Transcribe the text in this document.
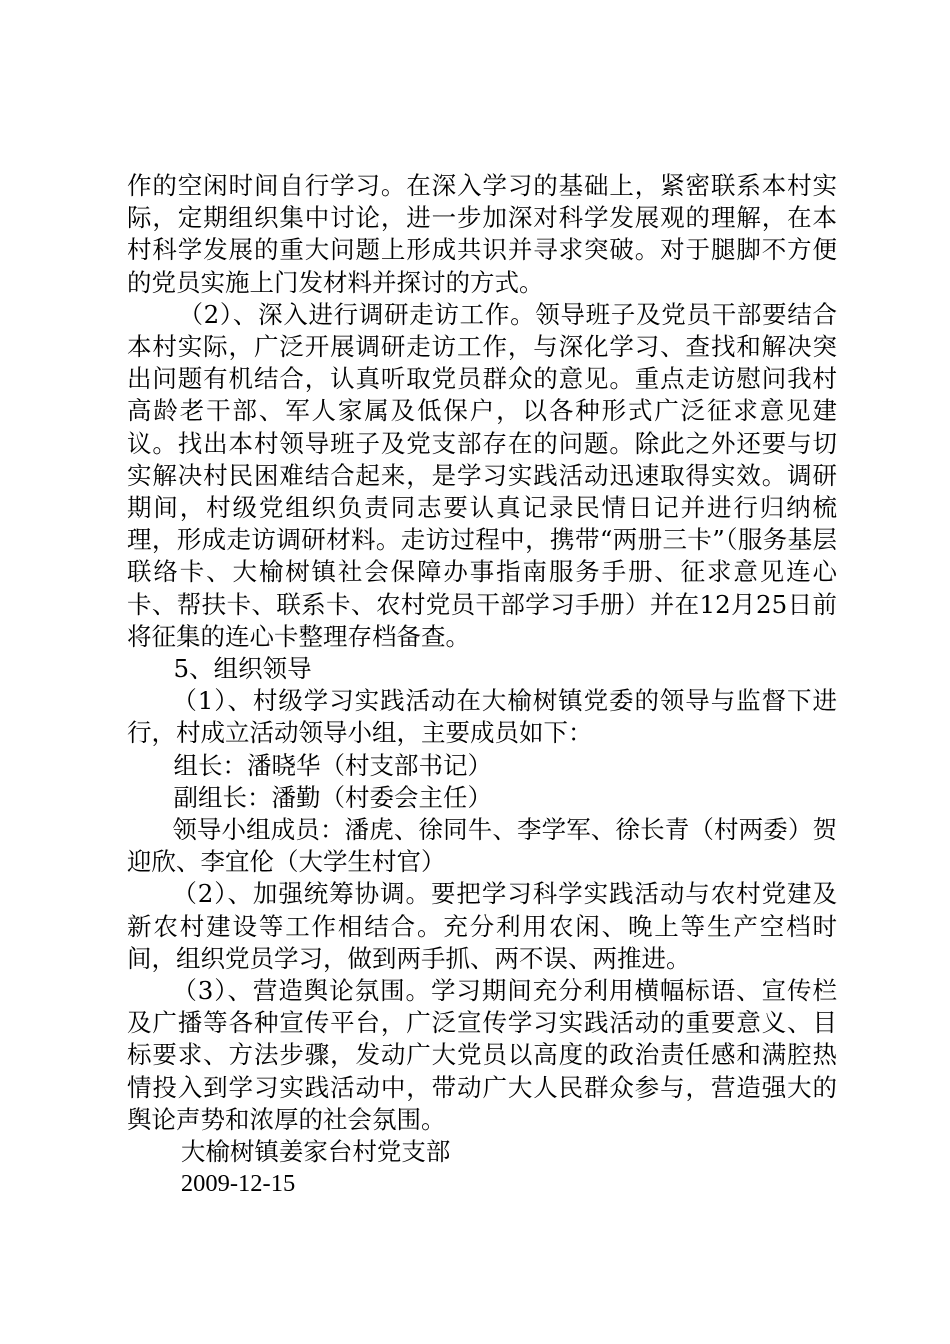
作的空闲时间自行学习。在深入学习的基础上，紧密联系本村实际，定期组织集中讨论，进一步加深对科学发展观的理解，在本村科学发展的重大问题上形成共识并寻求突破。对于腿脚不方便的党员实施上门发材料并探讨的方式。

（2）、深入进行调研走访工作。领导班子及党员干部要结合本村实际，广泛开展调研走访工作，与深化学习、查找和解决突出问题有机结合，认真听取党员群众的意见。重点走访慰问我村高龄老干部、军人家属及低保户，以各种形式广泛征求意见建议。找出本村领导班子及党支部存在的问题。除此之外还要与切实解决村民困难结合起来，是学习实践活动迅速取得实效。调研期间，村级党组织负责同志要认真记录民情日记并进行归纳梳理，形成走访调研材料。走访过程中，携带“两册三卡”（服务基层联络卡、大榆树镇社会保障办事指南服务手册、征求意见连心卡、帮扶卡、联系卡、农村党员干部学习手册）并在12月25日前将征集的连心卡整理存档备查。

5、组织领导

（1）、村级学习实践活动在大榆树镇党委的领导与监督下进行，村成立活动领导小组，主要成员如下：

组长：潘晓华（村支部书记）

副组长：潘勤（村委会主任）

领导小组成员：潘虎、徐同牛、李学军、徐长青（村两委）贺迎欣、李宜伦（大学生村官）

（2）、加强统筹协调。要把学习科学实践活动与农村党建及新农村建设等工作相结合。充分利用农闲、晚上等生产空档时间，组织党员学习，做到两手抓、两不误、两推进。

（3）、营造舆论氛围。学习期间充分利用横幅标语、宣传栏及广播等各种宣传平台，广泛宣传学习实践活动的重要意义、目标要求、方法步骤，发动广大党员以高度的政治责任感和满腔热情投入到学习实践活动中，带动广大人民群众参与，营造强大的舆论声势和浓厚的社会氛围。

大榆树镇姜家台村党支部

2009-12-15
